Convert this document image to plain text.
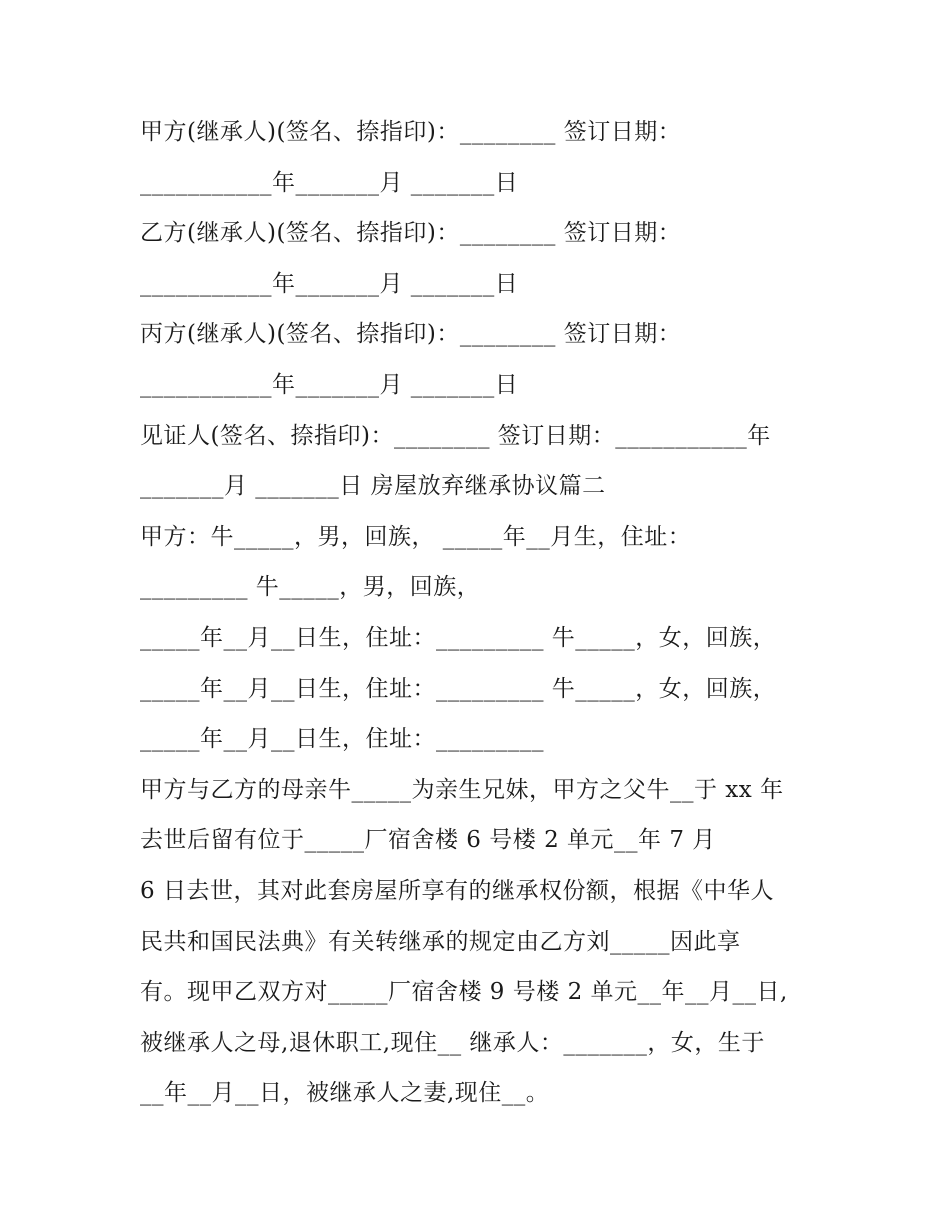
甲方(继承人)(签名、捺指印)：________ 签订日期：
___________年_______月 _______日
乙方(继承人)(签名、捺指印)：________ 签订日期：
___________年_______月 _______日
丙方(继承人)(签名、捺指印)：________ 签订日期：
___________年_______月 _______日
见证人(签名、捺指印)：________ 签订日期：___________年
_______月 _______日 房屋放弃继承协议篇二
甲方：牛_____，男，回族， _____年__月生，住址：
_________ 牛_____，男，回族，
_____年__月__日生，住址：_________ 牛_____，女，回族，
_____年__月__日生，住址：_________ 牛_____，女，回族，
_____年__月__日生，住址：_________
甲方与乙方的母亲牛_____为亲生兄妹，甲方之父牛__于 xx 年
去世后留有位于_____厂宿舍楼 6 号楼 2 单元__年 7 月
6 日去世，其对此套房屋所享有的继承权份额，根据《中华人
民共和国民法典》有关转继承的规定由乙方刘_____因此享
有。现甲乙双方对_____厂宿舍楼 9 号楼 2 单元__年__月__日,
被继承人之母,退休职工,现住__ 继承人：_______，女，生于
__年__月__日，被继承人之妻,现住__。
